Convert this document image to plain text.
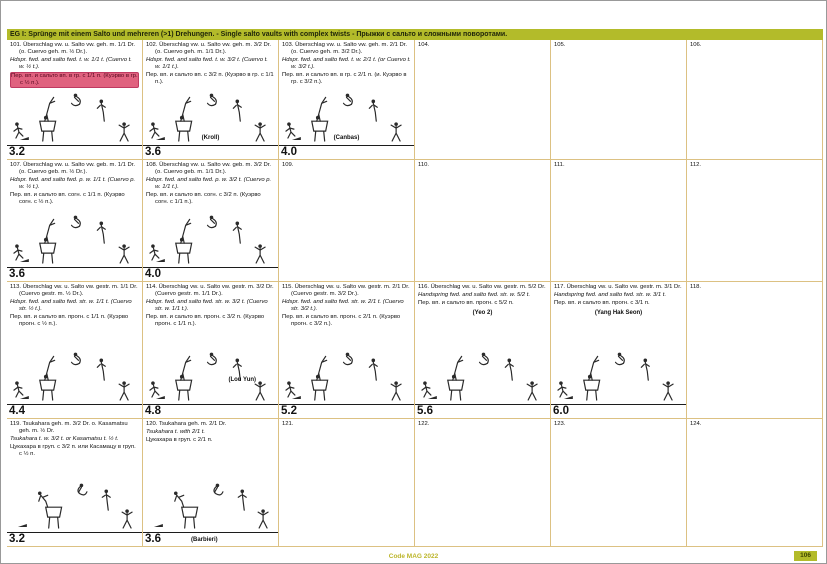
EG I: Sprünge mit einem Salto und mehreren (>1) Drehungen. - Single salto vaults with complex twists - Прыжки с сальто и сложными поворотами.

101. Überschlag vw. u. Salto vw. geh. m. 1/1 Dr. (o. Cuervo geh. m. ½ Dr.).

Hdspr. fwd. and salto fwd. t. w. 1/1 t. (Cuervo t. w. ½ t.).

Пер. вп. и сальто вп. в гр. с 1/1 п. (Куэрво в гр. с ½ п.).

3.2

102. Überschlag vw. u. Salto vw. geh. m. 3/2 Dr. (o. Cuervo geh. m. 1/1 Dr.).

Hdspr. fwd. and salto fwd. t. w. 3/2 t. (Cuervo t. w. 1/1 t.).

Пер. вп. и сальто вп. с 3/2 п. (Куэрво в гр. с 1/1 п.).

(Kroll)
3.6

103. Überschlag vw. u. Salto vw. geh. m. 2/1 Dr. (o. Cuervo geh. m. 3/2 Dr.).

Hdspr. fwd. and salto fwd. t. w. 2/1 t. (or Cuervo t. w. 3/2 t.).

Пер. вп. и сальто вп. в гр. с 2/1 п. (и. Куэрво в гр. с 3/2 п.).

(Canbas)
4.0

104.	105.	106.

107. Überschlag vw. u. Salto vw. geb. m. 1/1 Dr. (o. Cuervo geb. m. ½ Dr.).

Hdspr. fwd. and salto fwd. p. w. 1/1 t. (Cuervo p. w. ½ t.).

Пер. вп. и сальто вп. согн. с 1/1 п. (Куэрво согн. с ½ п.).

3.6

108. Überschlag vw. u. Salto vw. geb. m. 3/2 Dr. (o. Cuervo geb. m. 1/1 Dr.).

Hdspr. fwd. and salto fwd. p. w. 3/2 t. (Cuervo p. w. 1/1 t.).

Пер. вп. и сальто вп. согн. с 3/2 п. (Куэрво согн. с 1/1 п.).

4.0

109.	110.	111.	112.

113. Überschlag vw. u. Salto vw. gestr. m. 1/1 Dr. (Cuervo gestr. m. ½ Dr.).

Hdspr. fwd. and salto fwd. str. w. 1/1 t. (Cuervo str. ½ t.).

Пер. вп. и сальто вп. прогн. с 1/1 п. (Куэрво прогн. с ½ п.).

4.4

114. Überschlag vw. u. Salto vw. gestr. m. 3/2 Dr. (Cuervo gestr. m. 1/1 Dr.).

Hdspr. fwd. and salto fwd. str. w. 3/2 t. (Cuervo str. w. 1/1 t.).

Пер. вп. и сальто вп. прогн. с 3/2 п. (Куэрво прогн. с 1/1 п.).

(Lou Yun)
4.8

115. Überschlag vw. u. Salto vw. gestr. m. 2/1 Dr. (Cuervo gestr. m. 3/2 Dr.).

Hdspr. fwd. and salto fwd. str. w. 2/1 t. (Cuervo str. 3/2 t.).

Пер. вп. и сальто вп. прогн. с 2/1 п. (Куэрво прогн. с 3/2 п.).

5.2

116. Überschlag vw. u. Salto vw. gestr. m. 5/2 Dr.

Handspring fwd. and salto fwd. str. w. 5/2 t.

Пер. вп. и сальто вп. прогн. с 5/2 п.

(Yeo 2)
5.6

117. Überschlag vw. u. Salto vw. gestr. m. 3/1 Dr.

Handspring fwd. and salto fwd. str. w. 3/1 t.

Пер. вп. и сальто вп. прогн. с 3/1 п.

(Yang Hak Seon)
6.0

118.

119. Tsukahara geh. m. 3/2 Dr. o. Kasamatsu geh. m. ½ Dr.

Tsukahara t. w. 3/2 t. or Kasamatsu t. ½ t.

Цукахара в груп. с 3/2 п. или Касамацу в груп. с ½ п.

3.2

120. Tsukahara geh. m. 2/1 Dr.

Tsukahara t. with 2/1 t.

Цукахара в груп. с 2/1 п.

3.6	(Barbieri)

121.	122.	123.	124.

Code MAG 2022	106
